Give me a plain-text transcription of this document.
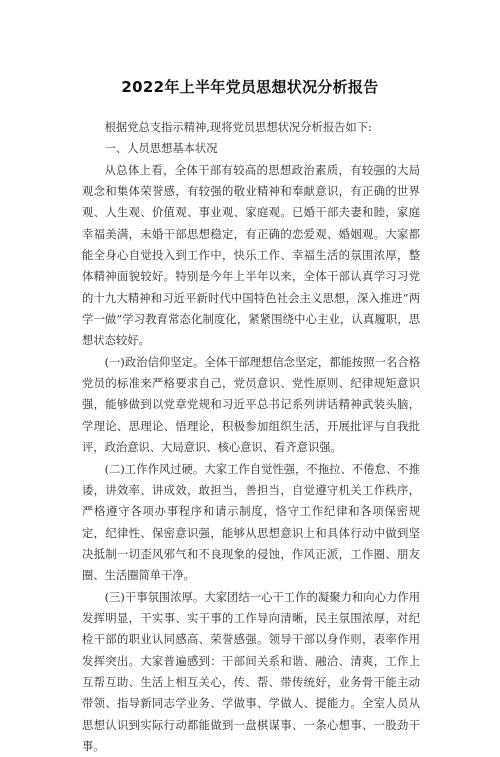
2022年上半年党员思想状况分析报告

根据党总支指示精神,现将党员思想状况分析报告如下:

一、人员思想基本状况

从总体上看，全体干部有较高的思想政治素质，有较强的大局观念和集体荣誉感，有较强的敬业精神和奉献意识，有正确的世界观、人生观、价值观、事业观、家庭观。已婚干部夫妻和睦，家庭幸福美满，未婚干部思想稳定，有正确的恋爱观、婚姻观。大家都能全身心自觉投入到工作中，快乐工作、幸福生活的氛围浓厚，整体精神面貌较好。特别是今年上半年以来，全体干部认真学习习党的十九大精神和习近平新时代中国特色社会主义思想，深入推进“两学一做”学习教育常态化制度化，紧紧围绕中心主业，认真履职，思想状态较好。

(一)政治信仰坚定。全体干部理想信念坚定，都能按照一名合格党员的标准来严格要求自己，党员意识、党性原则、纪律规矩意识强，能够做到以党章党规和习近平总书记系列讲话精神武装头脑，学理论、思理论、悟理论，积极参加组织生活，开展批评与自我批评，政治意识、大局意识、核心意识、看齐意识强。

(二)工作作风过硬。大家工作自觉性强，不拖拉、不倦怠、不推诿，讲效率、讲成效，敢担当，善担当，自觉遵守机关工作秩序，严格遵守各项办事程序和请示制度，恪守工作纪律和各项保密规定，纪律性、保密意识强，能够从思想意识上和具体行动中做到坚决抵制一切歪风邪气和不良现象的侵蚀，作风正派，工作圈、朋友圈、生活圈简单干净。

(三)干事氛围浓厚。大家团结一心干工作的凝聚力和向心力作用发挥明显，干实事、实干事的工作导向清晰，民主氛围浓厚，对纪检干部的职业认同感高、荣誉感强。领导干部以身作则，表率作用发挥突出。大家普遍感到：干部间关系和谐、融洽、清爽，工作上互帮互助、生活上相互关心，传、帮、带传统好，业务骨干能主动带领、指导新同志学业务、学做事、学做人、提能力。全室人员从思想认识到实际行动都能做到一盘棋谋事、一条心想事、一股劲干事。
